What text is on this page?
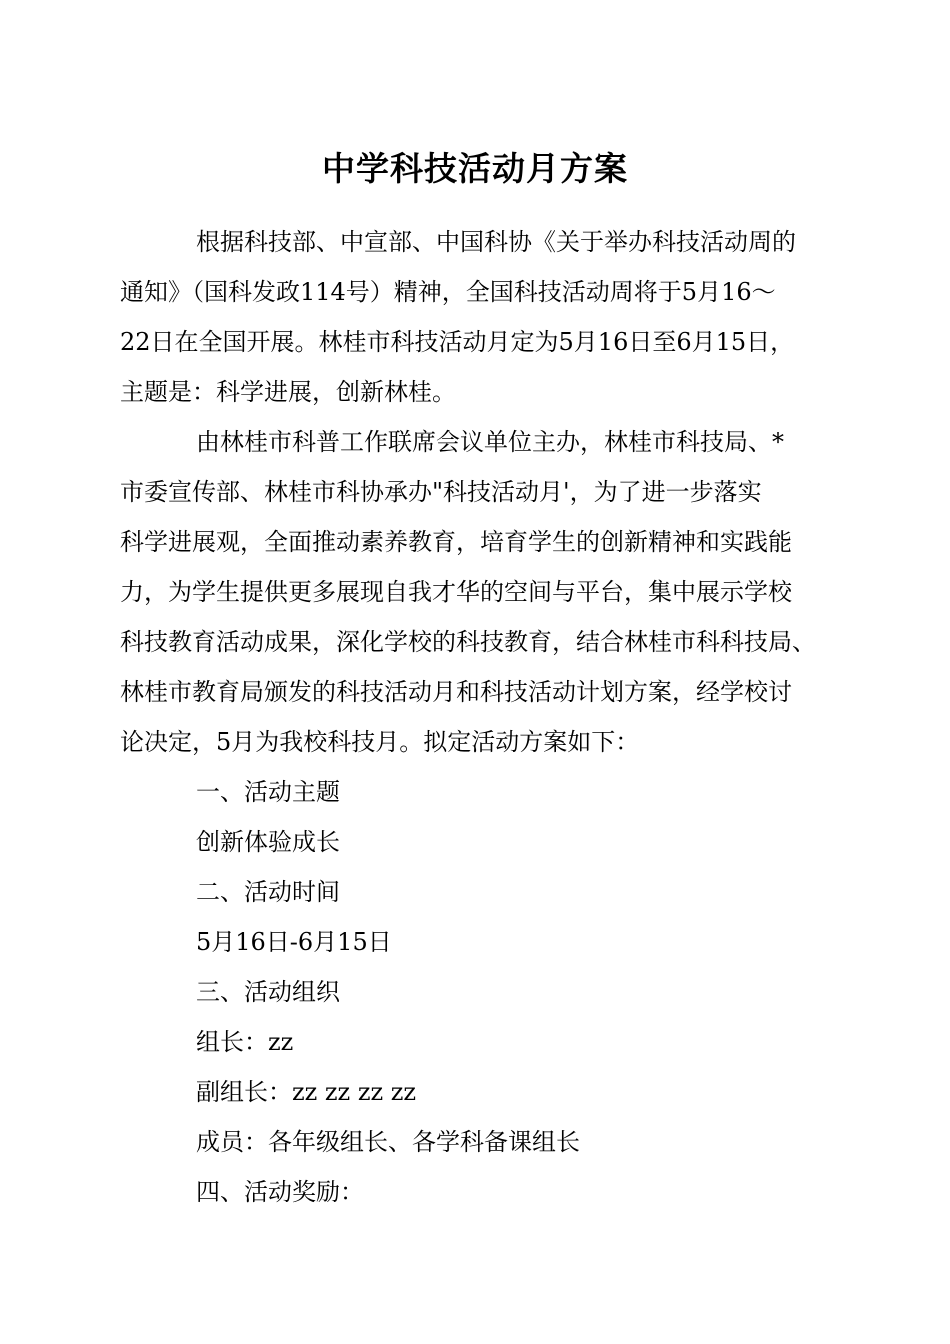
中学科技活动月方案
根据科技部、中宣部、中国科协《关于举办科技活动周的
通知》（国科发政114号）精神，全国科技活动周将于5月16～
22日在全国开展。林桂市科技活动月定为5月16日至6月15日，
主题是：科学进展，创新林桂。
由林桂市科普工作联席会议单位主办，林桂市科技局、*
市委宣传部、林桂市科协承办"科技活动月'，为了进一步落实
科学进展观，全面推动素养教育，培育学生的创新精神和实践能
力，为学生提供更多展现自我才华的空间与平台，集中展示学校
科技教育活动成果，深化学校的科技教育，结合林桂市科科技局、
林桂市教育局颁发的科技活动月和科技活动计划方案，经学校讨
论决定，5月为我校科技月。拟定活动方案如下：
一、活动主题
创新体验成长
二、活动时间
5月16日-6月15日
三、活动组织
组长：zz
副组长：zz zz zz zz
成员：各年级组长、各学科备课组长
四、活动奖励：
